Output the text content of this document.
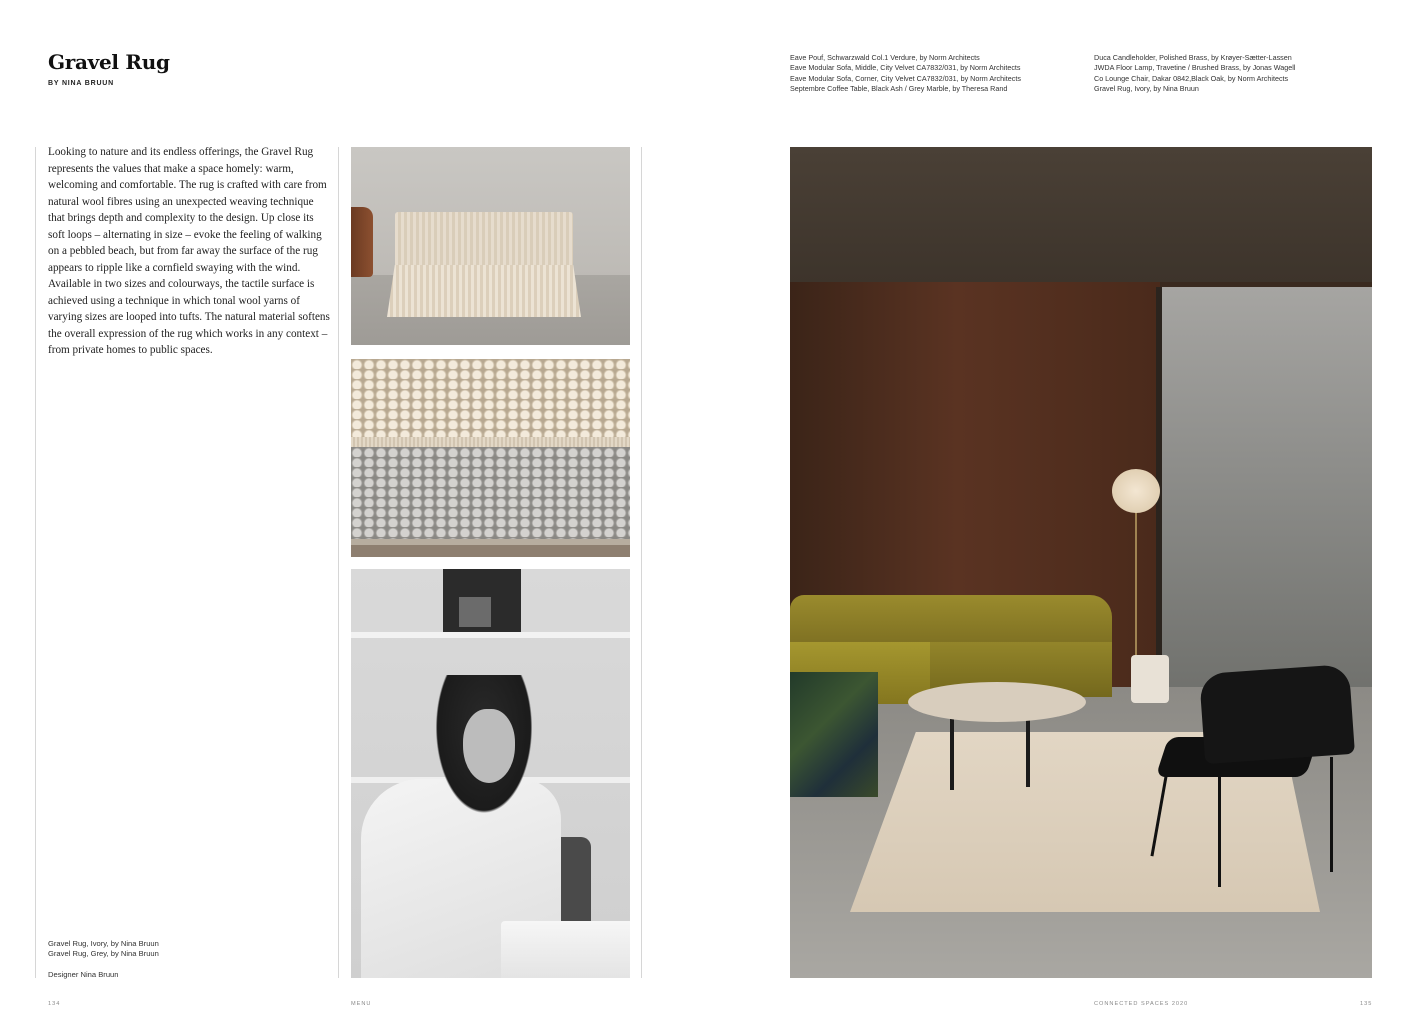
Gravel Rug
BY NINA BRUUN
Looking to nature and its endless offerings, the Gravel Rug represents the values that make a space homely: warm, welcoming and comfortable. The rug is crafted with care from natural wool fibres using an unexpected weaving technique that brings depth and complexity to the design. Up close its soft loops – alternating in size – evoke the feeling of walking on a pebbled beach, but from far away the surface of the rug appears to ripple like a cornfield swaying with the wind. Available in two sizes and colourways, the tactile surface is achieved using a technique in which tonal wool yarns of varying sizes are looped into tufts. The natural material softens the overall expression of the rug which works in any context – from private homes to public spaces.
Gravel Rug, Ivory, by Nina Bruun
Gravel Rug, Grey, by Nina Bruun
Designer Nina Bruun
Eave Pouf, Schwarzwald Col.1 Verdure, by Norm Architects
Eave Modular Sofa, Middle, City Velvet CA7832/031, by Norm Architects
Eave Modular Sofa, Corner, City Velvet CA7832/031, by Norm Architects
Septembre Coffee Table, Black Ash / Grey Marble, by Theresa Rand
Duca Candleholder, Polished Brass, by Krøyer-Sætter-Lassen
JWDA Floor Lamp, Travetine / Brushed Brass, by Jonas Wagell
Co Lounge Chair, Dakar 0842,Black Oak, by Norm Architects
Gravel Rug, Ivory, by Nina Bruun
134	MENU	CONNECTED SPACES 2020	135
